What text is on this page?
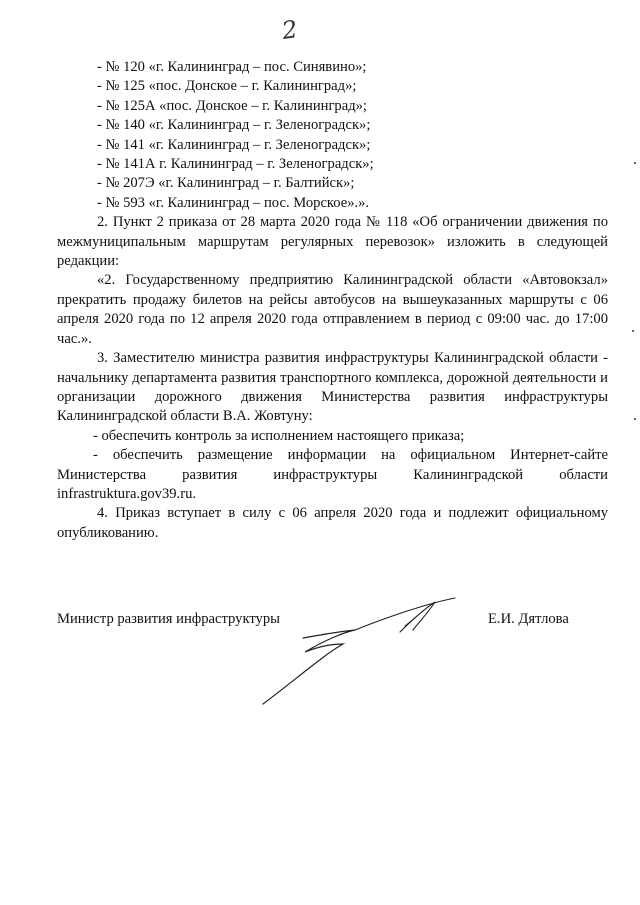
2
- № 120 «г. Калининград – пос. Синявино»;
- № 125 «пос. Донское – г. Калининград»;
- № 125А «пос. Донское – г. Калининград»;
- № 140 «г. Калининград – г. Зеленоградск»;
- № 141 «г. Калининград – г. Зеленоградск»;
- № 141А г. Калининград – г. Зеленоградск»;
- № 207Э «г. Калининград – г. Балтийск»;
- № 593 «г. Калининград – пос. Морское».».
2. Пункт 2 приказа от 28 марта 2020 года № 118 «Об ограничении движения по межмуниципальным маршрутам регулярных перевозок» изложить в следующей редакции:
«2. Государственному предприятию Калининградской области «Автовокзал» прекратить продажу билетов на рейсы автобусов на вышеуказанных маршруты с 06 апреля 2020 года по 12 апреля 2020 года отправлением в период с 09:00 час. до 17:00 час.».
3. Заместителю министра развития инфраструктуры Калининградской области - начальнику департамента развития транспортного комплекса, дорожной деятельности и организации дорожного движения Министерства развития инфраструктуры Калининградской области В.А. Жовтуну:
- обеспечить контроль за исполнением настоящего приказа;
- обеспечить размещение информации на официальном Интернет-сайте Министерства развития инфраструктуры Калининградской области infrastruktura.gov39.ru.
4. Приказ вступает в силу с 06 апреля 2020 года и подлежит официальному опубликованию.
Министр развития инфраструктуры	Е.И. Дятлова
